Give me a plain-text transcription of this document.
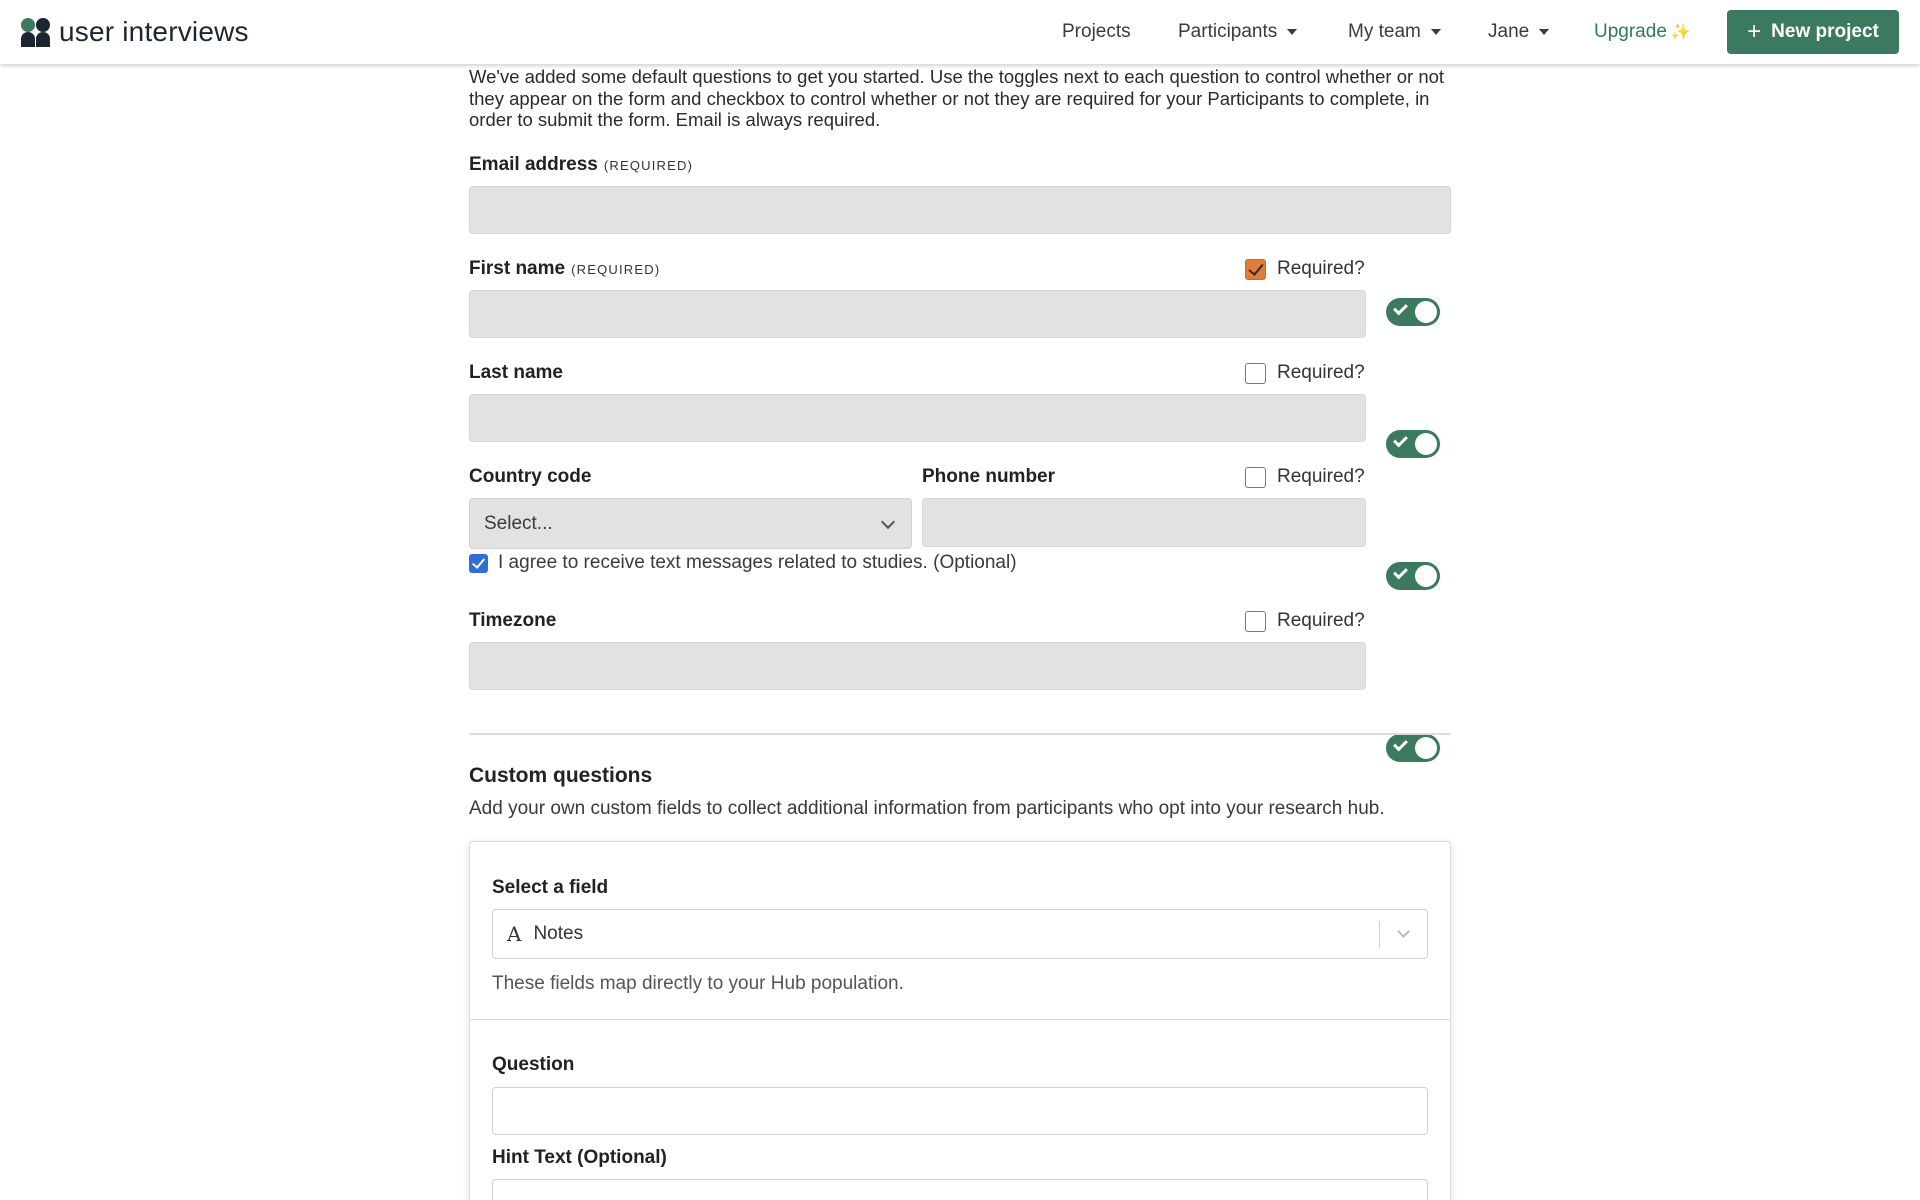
user interviews	Projects Participants	My team	Jane	Upgrade ✨ + New project
We've added some default questions to get you started. Use the toggles next to each question to control whether or not they appear on the form and checkbox to control whether or not they are required for your Participants to complete, in order to submit the form. Email is always required.
Email address (REQUIRED)
First name (REQUIRED)	Required?
Last name	Required?
Country code	Phone number	Required?
Select...
I agree to receive text messages related to studies. (Optional)
Timezone	Required?
Custom questions
Add your own custom fields to collect additional information from participants who opt into your research hub.
Select a field
A Notes
These fields map directly to your Hub population.
Question
Hint Text (Optional)
